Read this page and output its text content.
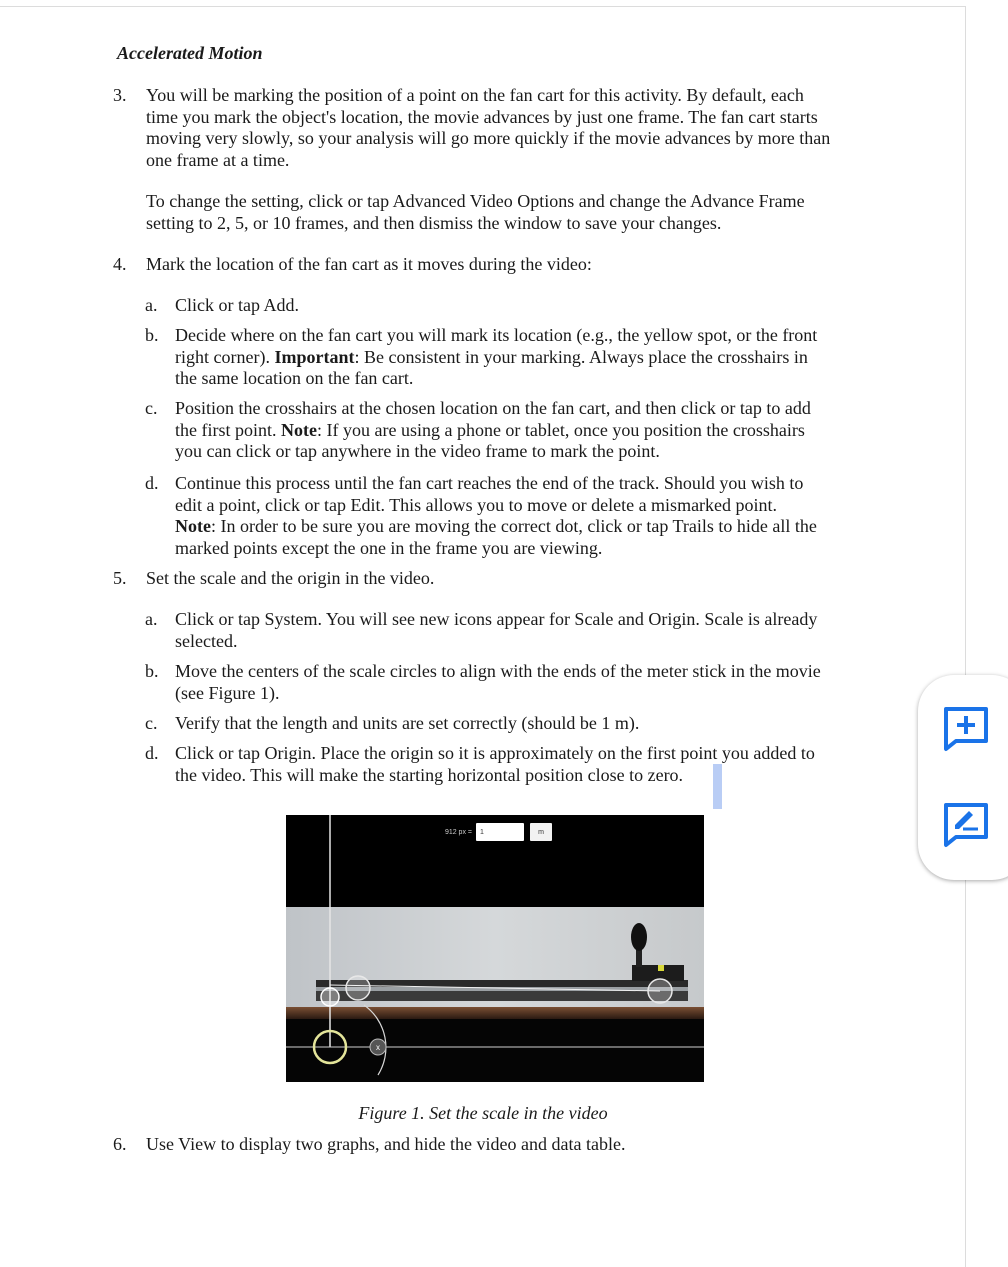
Accelerated Motion
3. You will be marking the position of a point on the fan cart for this activity. By default, each
time you mark the object's location, the movie advances by just one frame. The fan cart starts
moving very slowly, so your analysis will go more quickly if the movie advances by more than
one frame at a time.
To change the setting, click or tap Advanced Video Options and change the Advance Frame
setting to 2, 5, or 10 frames, and then dismiss the window to save your changes.
4. Mark the location of the fan cart as it moves during the video:
a. Click or tap Add.
b. Decide where on the fan cart you will mark its location (e.g., the yellow spot, or the front
right corner). Important: Be consistent in your marking. Always place the crosshairs in
the same location on the fan cart.
c. Position the crosshairs at the chosen location on the fan cart, and then click or tap to add
the first point. Note: If you are using a phone or tablet, once you position the crosshairs
you can click or tap anywhere in the video frame to mark the point.
d. Continue this process until the fan cart reaches the end of the track. Should you wish to
edit a point, click or tap Edit. This allows you to move or delete a mismarked point.
Note: In order to be sure you are moving the correct dot, click or tap Trails to hide all the
marked points except the one in the frame you are viewing.
5. Set the scale and the origin in the video.
a. Click or tap System. You will see new icons appear for Scale and Origin. Scale is already
selected.
b. Move the centers of the scale circles to align with the ends of the meter stick in the movie
(see Figure 1).
c. Verify that the length and units are set correctly (should be 1 m).
d. Click or tap Origin. Place the origin so it is approximately on the first point you added to
the video. This will make the starting horizontal position close to zero.
x
912 px = 1	m
Figure 1. Set the scale in the video
6. Use View to display two graphs, and hide the video and data table.
